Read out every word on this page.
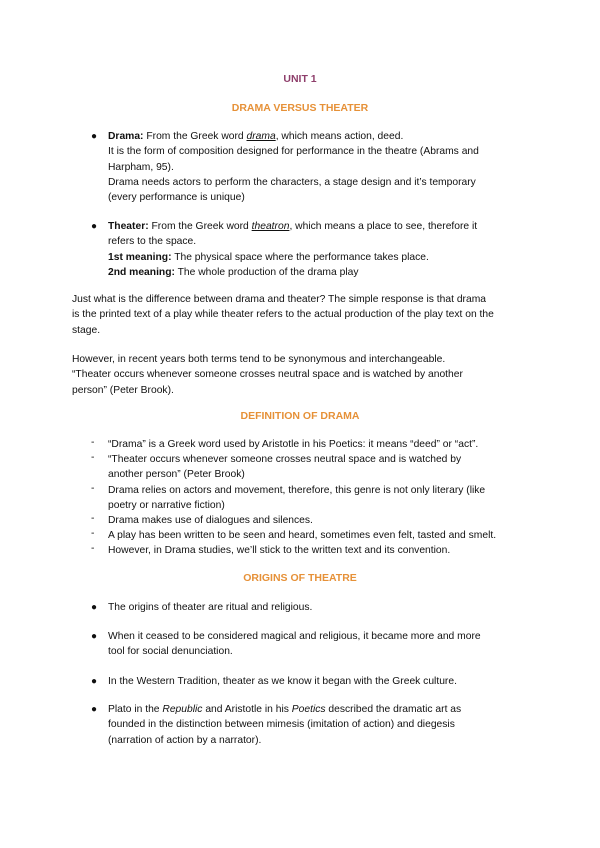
UNIT 1
DRAMA VERSUS THEATER
● Drama: From the Greek word drama, which means action, deed.
It is the form of composition designed for performance in the theatre (Abrams and
Harpham, 95).
Drama needs actors to perform the characters, a stage design and it’s temporary
(every performance is unique)
● Theater: From the Greek word theatron, which means a place to see, therefore it
refers to the space.
1st meaning: The physical space where the performance takes place.
2nd meaning: The whole production of the drama play
Just what is the difference between drama and theater? The simple response is that drama
is the printed text of a play while theater refers to the actual production of the play text on the
stage.
However, in recent years both terms tend to be synonymous and interchangeable.
“Theater occurs whenever someone crosses neutral space and is watched by another
person” (Peter Brook).
DEFINITION OF DRAMA
- “Drama” is a Greek word used by Aristotle in his Poetics: it means “deed” or “act”.
- “Theater occurs whenever someone crosses neutral space and is watched by
another person” (Peter Brook)
- Drama relies on actors and movement, therefore, this genre is not only literary (like
poetry or narrative fiction)
- Drama makes use of dialogues and silences.
- A play has been written to be seen and heard, sometimes even felt, tasted and smelt.
- However, in Drama studies, we’ll stick to the written text and its convention.
ORIGINS OF THEATRE
● The origins of theater are ritual and religious.
● When it ceased to be considered magical and religious, it became more and more
tool for social denunciation.
● In the Western Tradition, theater as we know it began with the Greek culture.
● Plato in the Republic and Aristotle in his Poetics described the dramatic art as
founded in the distinction between mimesis (imitation of action) and diegesis
(narration of action by a narrator).
